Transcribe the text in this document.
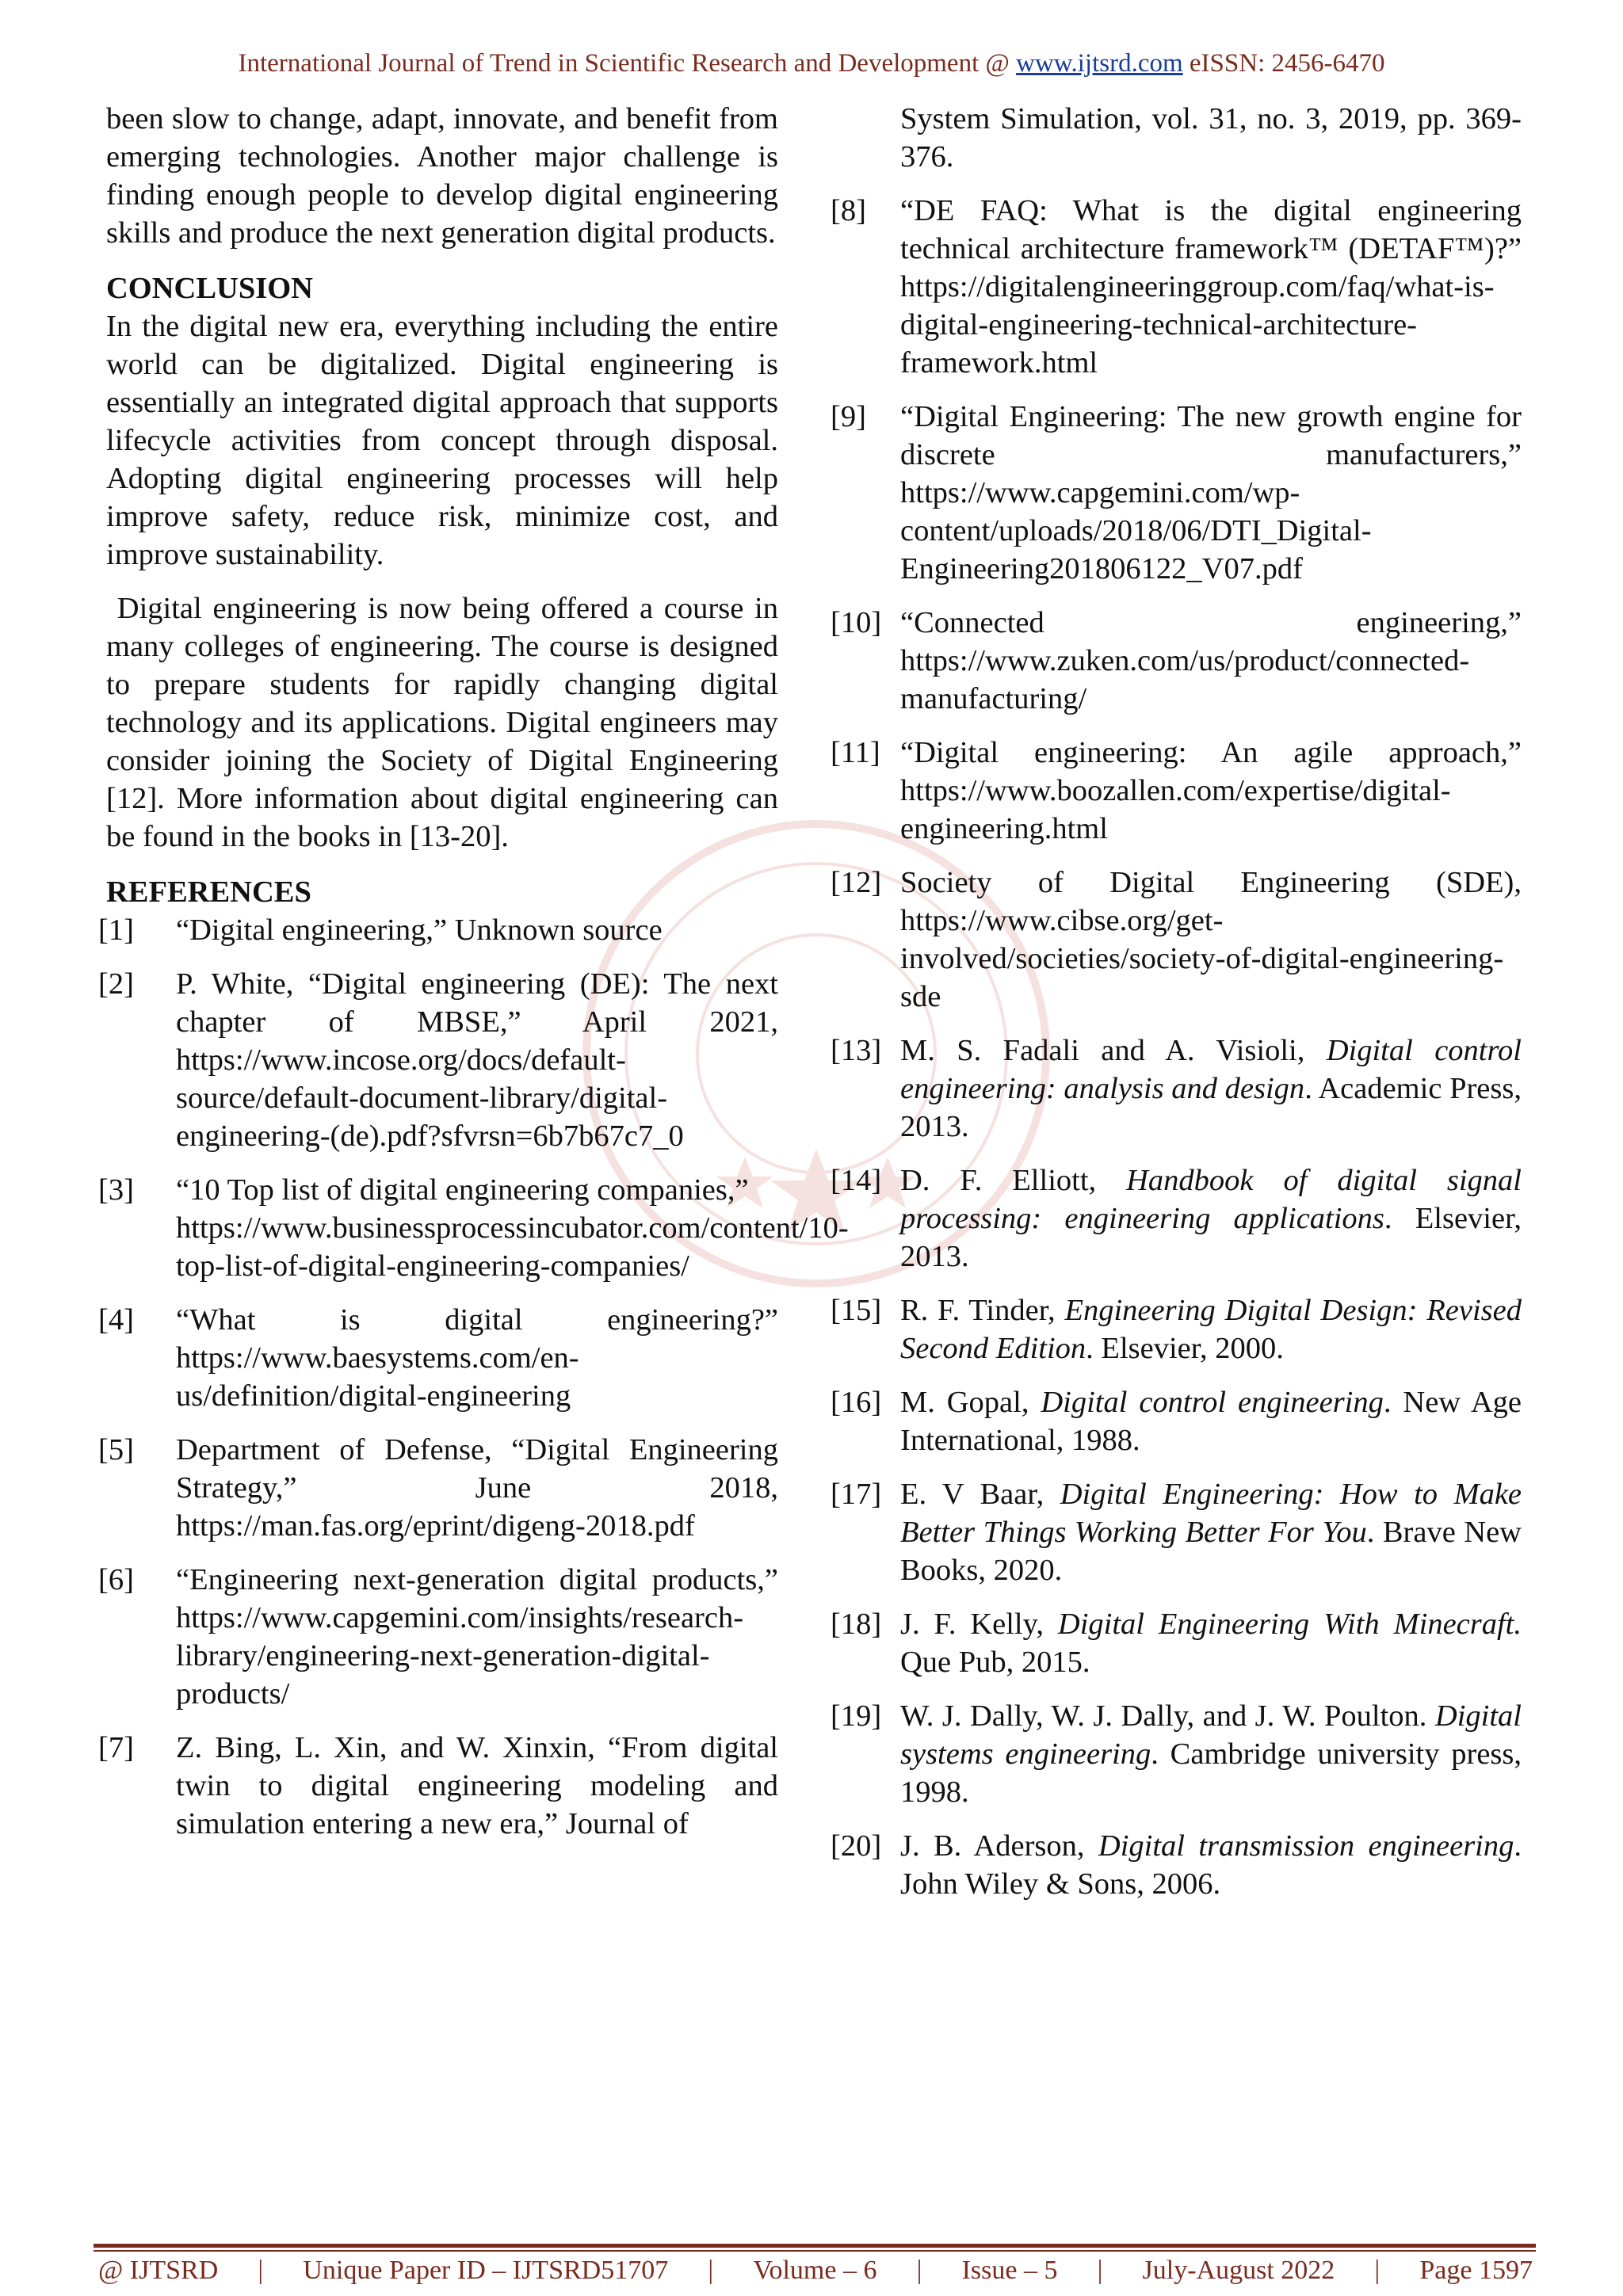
International Journal of Trend in Scientific Research and Development @ www.ijtsrd.com eISSN: 2456-6470

been slow to change, adapt, innovate, and benefit from emerging technologies. Another major challenge is finding enough people to develop digital engineering skills and produce the next generation digital products.

CONCLUSION

In the digital new era, everything including the entire world can be digitalized. Digital engineering is essentially an integrated digital approach that supports lifecycle activities from concept through disposal. Adopting digital engineering processes will help improve safety, reduce risk, minimize cost, and improve sustainability.

Digital engineering is now being offered a course in many colleges of engineering. The course is designed to prepare students for rapidly changing digital technology and its applications. Digital engineers may consider joining the Society of Digital Engineering [12]. More information about digital engineering can be found in the books in [13-20].

REFERENCES
[1]	“Digital engineering,” Unknown source
[2]	P. White, “Digital engineering (DE): The next chapter of MBSE,” April 2021, https://www.incose.org/docs/default-source/default-document-library/digital-engineering-(de).pdf?sfvrsn=6b7b67c7_0
[3]	“10 Top list of digital engineering companies,” https://www.businessprocessincubator.com/content/10-top-list-of-digital-engineering-companies/
[4]	“What is digital engineering?” https://www.baesystems.com/en-us/definition/digital-engineering
[5]	Department of Defense, “Digital Engineering Strategy,” June 2018, https://man.fas.org/eprint/digeng-2018.pdf
[6]	“Engineering next-generation digital products,” https://www.capgemini.com/insights/research-library/engineering-next-generation-digital-products/
[7]	Z. Bing, L. Xin, and W. Xinxin, “From digital twin to digital engineering modeling and simulation entering a new era,” Journal of
System Simulation, vol. 31, no. 3, 2019, pp. 369-376.
[8]	“DE FAQ: What is the digital engineering technical architecture framework™ (DETAF™)?” https://digitalengineeringgroup.com/faq/what-is-digital-engineering-technical-architecture-framework.html
[9]	“Digital Engineering: The new growth engine for discrete manufacturers,” https://www.capgemini.com/wp-content/uploads/2018/06/DTI_Digital-Engineering201806122_V07.pdf
[10] “Connected engineering,” https://www.zuken.com/us/product/connected-manufacturing/
[11] “Digital engineering: An agile approach,” https://www.boozallen.com/expertise/digital-engineering.html
[12] Society of Digital Engineering (SDE), https://www.cibse.org/get-involved/societies/society-of-digital-engineering-sde
[13] M. S. Fadali and A. Visioli, Digital control engineering: analysis and design. Academic Press, 2013.
[14] D. F. Elliott, Handbook of digital signal processing: engineering applications. Elsevier, 2013.
[15] R. F. Tinder, Engineering Digital Design: Revised Second Edition. Elsevier, 2000.
[16] M. Gopal, Digital control engineering. New Age International, 1988.
[17] E. V Baar, Digital Engineering: How to Make Better Things Working Better For You. Brave New Books, 2020.
[18] J. F. Kelly, Digital Engineering With Minecraft. Que Pub, 2015.
[19] W. J. Dally, W. J. Dally, and J. W. Poulton. Digital systems engineering. Cambridge university press, 1998.
[20] J. B. Aderson, Digital transmission engineering. John Wiley & Sons, 2006.
@ IJTSRD | Unique Paper ID – IJTSRD51707 | Volume – 6 | Issue – 5 | July-August 2022 | Page 1597
